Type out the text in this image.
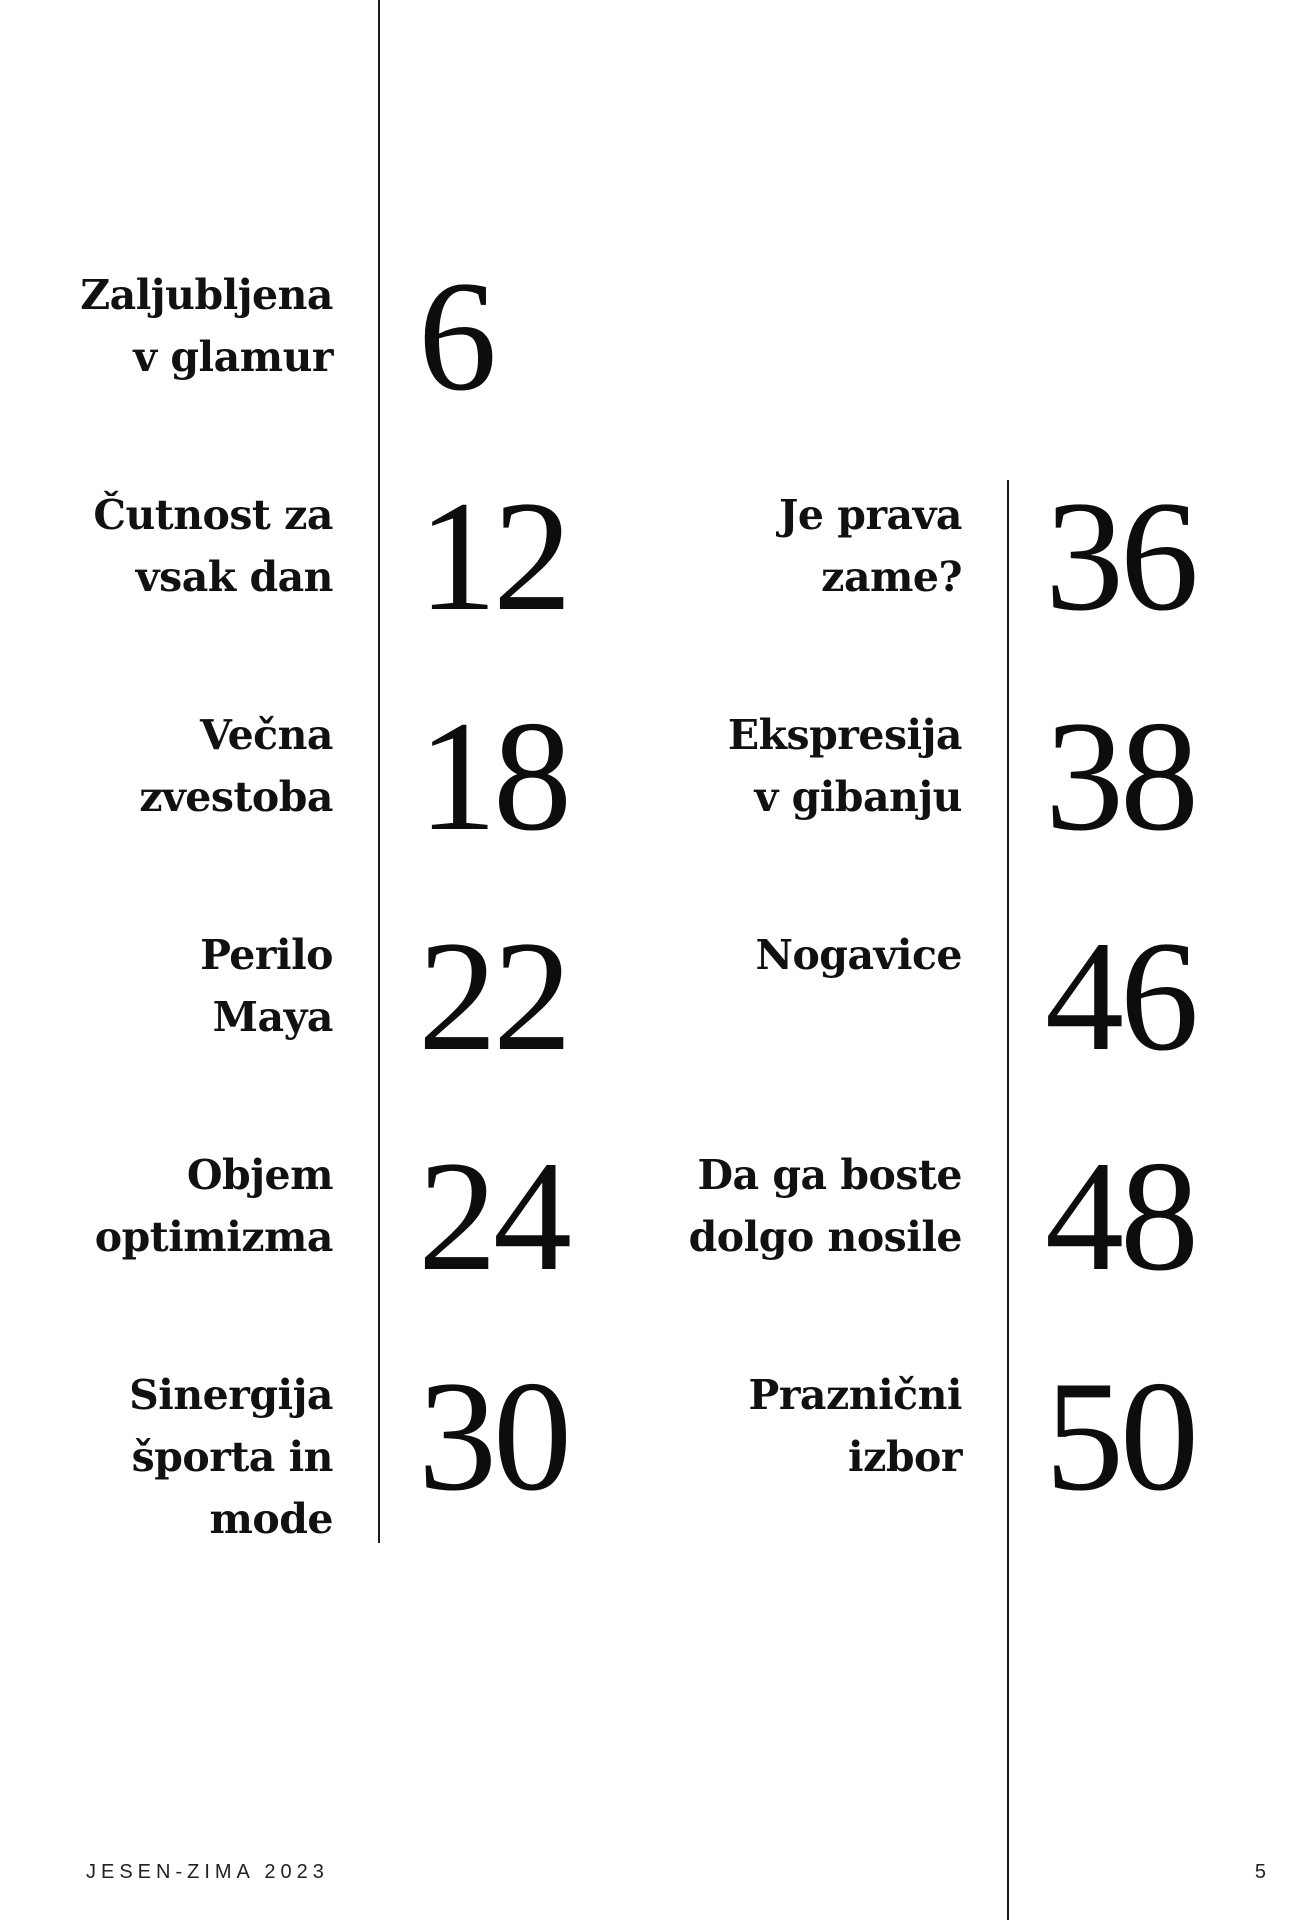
Zaljubljena
v glamur 6
Čutnost za
vsak dan 12
Večna
zvestoba 18
Perilo
Maya 22
Objem
optimizma 24
Sinergija
športa in
mode 30
Je prava
zame? 36
Ekspresija
v gibanju 38
Nogavice 46
Da ga boste
dolgo nosile 48
Praznični
izbor 50
JESEN-ZIMA 2023	5
